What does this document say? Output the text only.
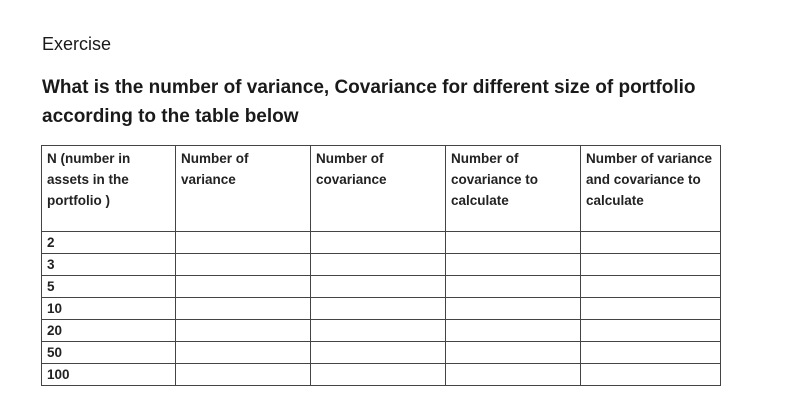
Exercise

What is the number of variance, Covariance for different size of portfolio according to the table below

N (number in assets in the portfolio )	Number of variance	Number of covariance	Number of covariance to calculate	Number of variance and covariance to calculate
2				
3				
5				
10				
20				
50				
100				
